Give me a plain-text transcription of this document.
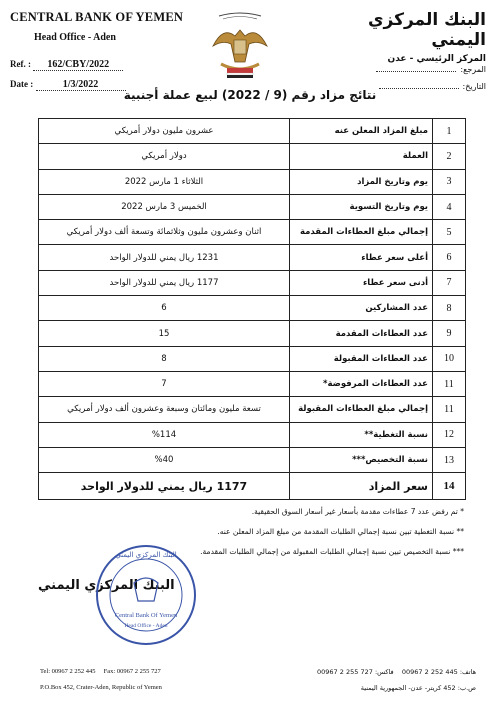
CENTRAL BANK OF YEMEN
Head Office - Aden
البنك المركزي اليمني
المركز الرئيسي - عدن
Ref. : 162/CBY/2022
Date :	1/3/2022
المرجع:
التاريخ:
نتائج مزاد رقم (9 / 2022) لبيع عملة أجنبية
1	مبلغ المزاد المعلن عنه	عشرون مليون دولار أمريكي
2	العملة	دولار أمريكي
3	يوم وتاريخ المزاد	الثلاثاء 1 مارس 2022
4	يوم وتاريخ التسوية	الخميس 3 مارس 2022
5	إجمالي مبلغ العطاءات المقدمة	اثنان وعشرون مليون وثلاثمائة وتسعة ألف دولار أمريكي
6	أعلى سعر عطاء	1231 ريال يمني للدولار الواحد
7	أدنى سعر عطاء	1177 ريال يمني للدولار الواحد
8	عدد المشاركين	6
9	عدد العطاءات المقدمة	15
10	عدد العطاءات المقبولة	8
11	عدد العطاءات المرفوضة*	7
11	إجمالي مبلغ العطاءات المقبولة	تسعة مليون ومائتان وسبعة وعشرون ألف دولار أمريكي
12	نسبة التغطية**	%114
13	نسبة التخصيص***	%40
14	سعر المزاد	1177 ريال يمني للدولار الواحد
* تم رفض عدد 7 عطاءات مقدمة بأسعار غير أسعار السوق الحقيقية.
** نسبة التغطية تبين نسبة إجمالي الطلبات المقدمة من مبلغ المزاد المعلن عنه.
*** نسبة التخصيص تبين نسبة إجمالي الطلبات المقبولة من إجمالي الطلبات المقدمة.
البنك المركزي اليمني
البنك المركزي اليمني
Central Bank Of Yemen
Head Office - Aden
Tel: 00967 2 252 445 Fax: 00967 2 255 727
P.O.Box 452, Crater-Aden, Republic of Yemen
هاتف: 445 252 2 00967    فاكس: 727 255 2 00967
ص.ب: 452 كريتر- عدن- الجمهورية اليمنية
